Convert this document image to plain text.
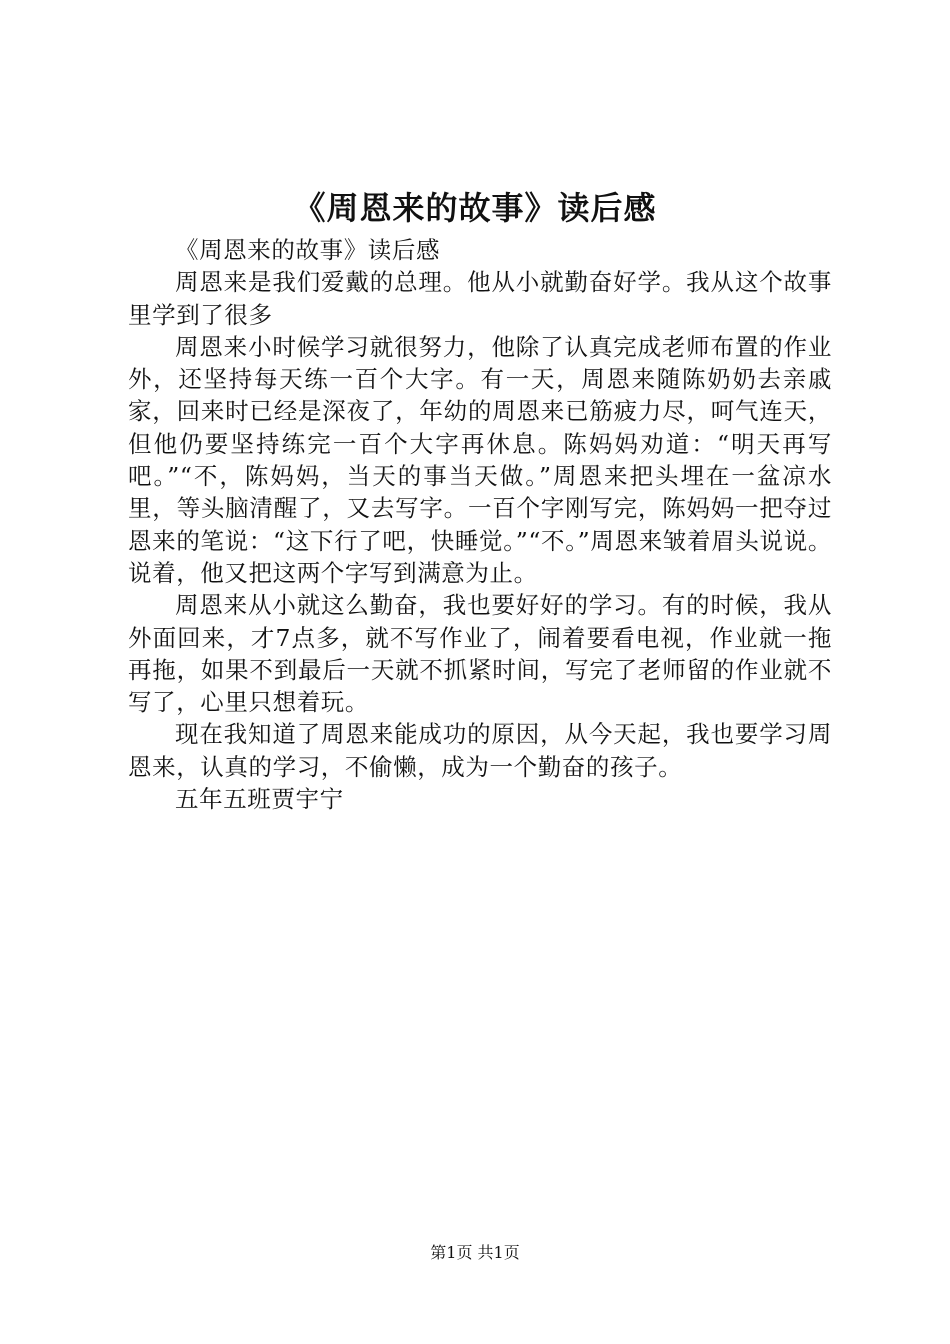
《周恩来的故事》读后感

《周恩来的故事》读后感

周恩来是我们爱戴的总理。他从小就勤奋好学。我从这个故事里学到了很多

周恩来小时候学习就很努力，他除了认真完成老师布置的作业外，还坚持每天练一百个大字。有一天，周恩来随陈奶奶去亲戚家，回来时已经是深夜了，年幼的周恩来已筋疲力尽，呵气连天，但他仍要坚持练完一百个大字再休息。陈妈妈劝道：“明天再写吧。”“不，陈妈妈，当天的事当天做。”周恩来把头埋在一盆凉水里，等头脑清醒了，又去写字。一百个字刚写完，陈妈妈一把夺过恩来的笔说：“这下行了吧，快睡觉。”“不。”周恩来皱着眉头说说。说着，他又把这两个字写到满意为止。

周恩来从小就这么勤奋，我也要好好的学习。有的时候，我从外面回来，才7点多，就不写作业了，闹着要看电视，作业就一拖再拖，如果不到最后一天就不抓紧时间，写完了老师留的作业就不写了，心里只想着玩。

现在我知道了周恩来能成功的原因，从今天起，我也要学习周恩来，认真的学习，不偷懒，成为一个勤奋的孩子。

五年五班贾宇宁

第1页 共1页
